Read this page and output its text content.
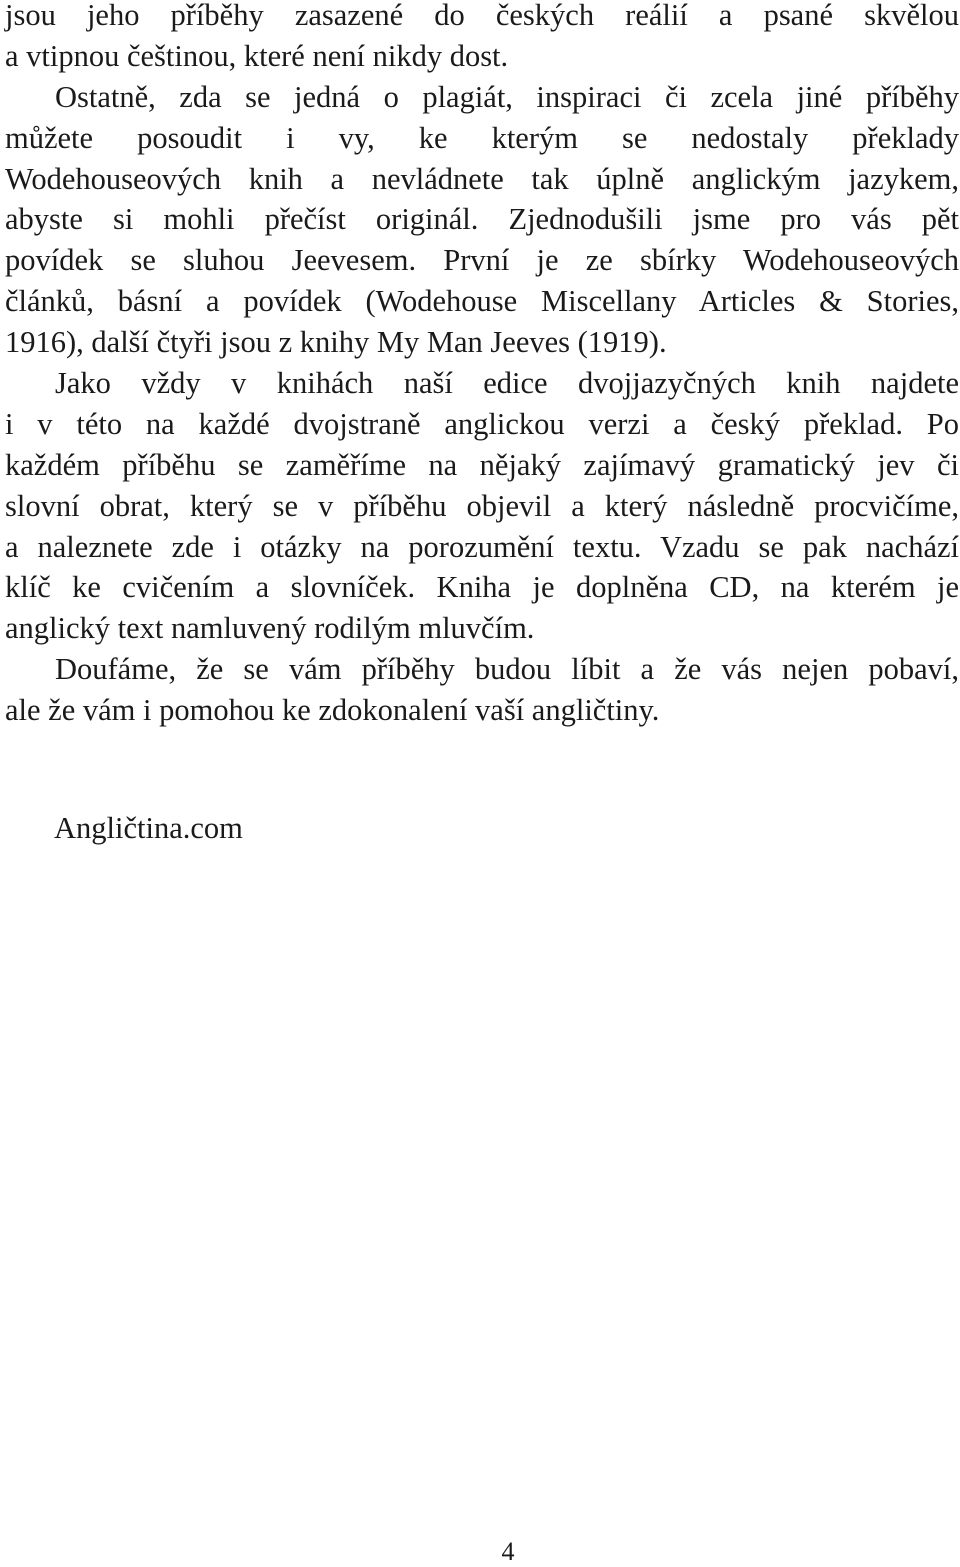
jsou jeho příběhy zasazené do českých reálií a psané skvělou
a vtipnou češtinou, které není nikdy dost.
Ostatně, zda se jedná o plagiát, inspiraci či zcela jiné příběhy
můžete posoudit i vy, ke kterým se nedostaly překlady
Wodehouseových knih a nevládnete tak úplně anglickým jazykem,
abyste si mohli přečíst originál. Zjednodušili jsme pro vás pět
povídek se sluhou Jeevesem. První je ze sbírky Wodehouseových
článků, básní a povídek (Wodehouse Miscellany Articles & Stories,
1916), další čtyři jsou z knihy My Man Jeeves (1919).
Jako vždy v knihách naší edice dvojjazyčných knih najdete
i v této na každé dvojstraně anglickou verzi a český překlad. Po
každém příběhu se zaměříme na nějaký zajímavý gramatický jev či
slovní obrat, který se v příběhu objevil a který následně procvičíme,
a naleznete zde i otázky na porozumění textu. Vzadu se pak nachází
klíč ke cvičením a slovníček. Kniha je doplněna CD, na kterém je
anglický text namluvený rodilým mluvčím.
Doufáme, že se vám příběhy budou líbit a že vás nejen pobaví,
ale že vám i pomohou ke zdokonalení vaší angličtiny.
Angličtina.com
4
